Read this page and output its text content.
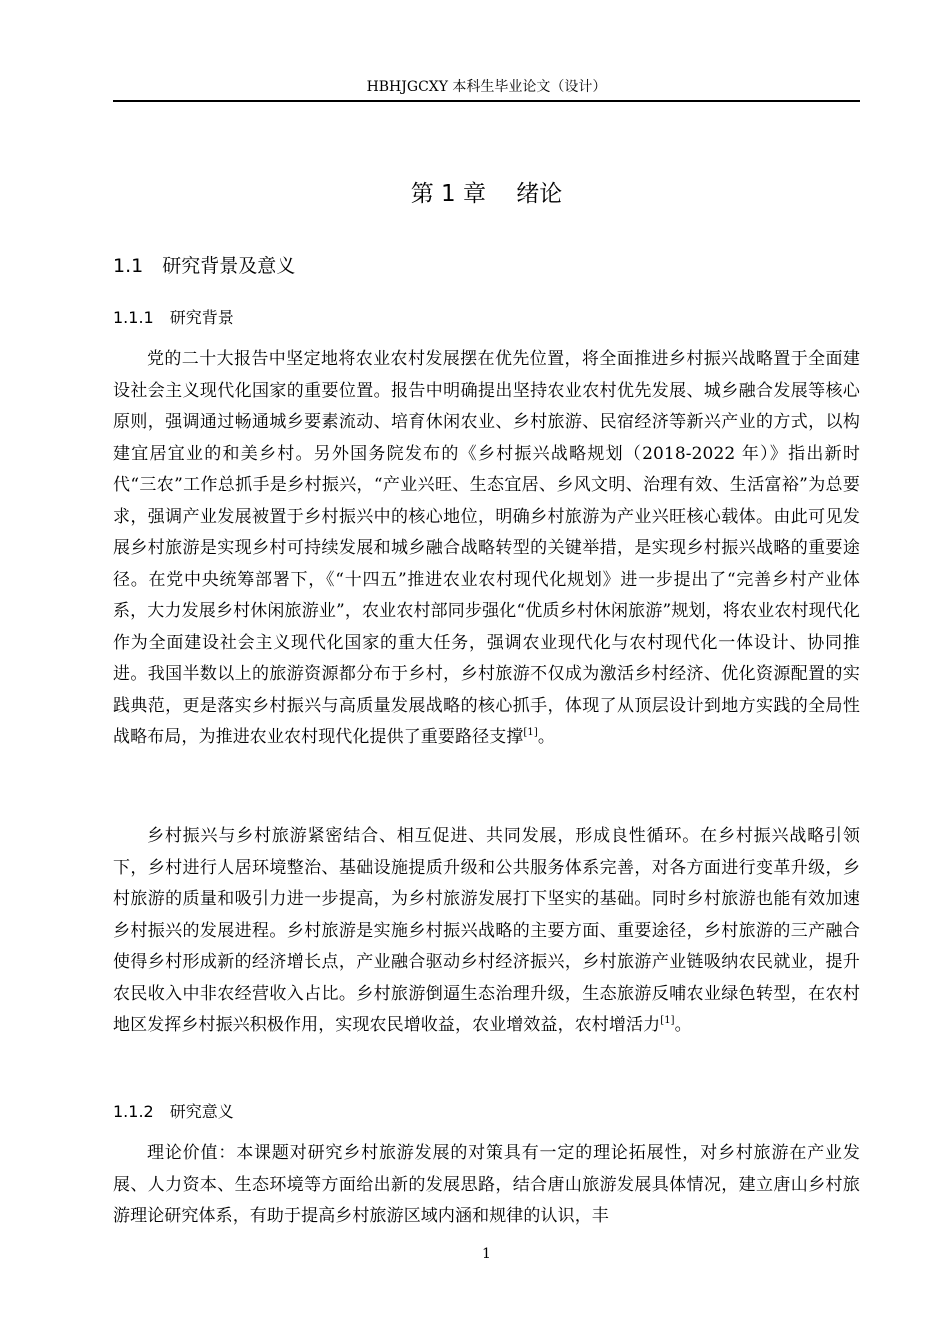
HBHJGCXY 本科生毕业论文（设计）
第 1 章　 绪论
1.1　研究背景及意义
1.1.1　研究背景

党的二十大报告中坚定地将农业农村发展摆在优先位置，将全面推进乡村振兴战略置于全面建设社会主义现代化国家的重要位置。报告中明确提出坚持农业农村优先发展、城乡融合发展等核心原则，强调通过畅通城乡要素流动、培育休闲农业、乡村旅游、民宿经济等新兴产业的方式，以构建宜居宜业的和美乡村。另外国务院发布的《乡村振兴战略规划（2018-2022 年）》指出新时代“三农”工作总抓手是乡村振兴，“产业兴旺、生态宜居、乡风文明、治理有效、生活富裕”为总要求，强调产业发展被置于乡村振兴中的核心地位，明确乡村旅游为产业兴旺核心载体。由此可见发展乡村旅游是实现乡村可持续发展和城乡融合战略转型的关键举措，是实现乡村振兴战略的重要途径。在党中央统筹部署下，《“十四五”推进农业农村现代化规划》进一步提出了“完善乡村产业体系，大力发展乡村休闲旅游业”，农业农村部同步强化“优质乡村休闲旅游”规划，将农业农村现代化作为全面建设社会主义现代化国家的重大任务，强调农业现代化与农村现代化一体设计、协同推进。我国半数以上的旅游资源都分布于乡村，乡村旅游不仅成为激活乡村经济、优化资源配置的实践典范，更是落实乡村振兴与高质量发展战略的核心抓手，体现了从顶层设计到地方实践的全局性战略布局，为推进农业农村现代化提供了重要路径支撑[1]。

乡村振兴与乡村旅游紧密结合、相互促进、共同发展，形成良性循环。在乡村振兴战略引领下，乡村进行人居环境整治、基础设施提质升级和公共服务体系完善，对各方面进行变革升级，乡村旅游的质量和吸引力进一步提高，为乡村旅游发展打下坚实的基础。同时乡村旅游也能有效加速乡村振兴的发展进程。乡村旅游是实施乡村振兴战略的主要方面、重要途径，乡村旅游的三产融合使得乡村形成新的经济增长点，产业融合驱动乡村经济振兴，乡村旅游产业链吸纳农民就业，提升农民收入中非农经营收入占比。乡村旅游倒逼生态治理升级，生态旅游反哺农业绿色转型，在农村地区发挥乡村振兴积极作用，实现农民增收益，农业增效益，农村增活力[1]。

1.1.2　研究意义

理论价值：本课题对研究乡村旅游发展的对策具有一定的理论拓展性，对乡村旅游在产业发展、人力资本、生态环境等方面给出新的发展思路，结合唐山旅游发展具体情况，建立唐山乡村旅游理论研究体系，有助于提高乡村旅游区域内涵和规律的认识，丰

1
